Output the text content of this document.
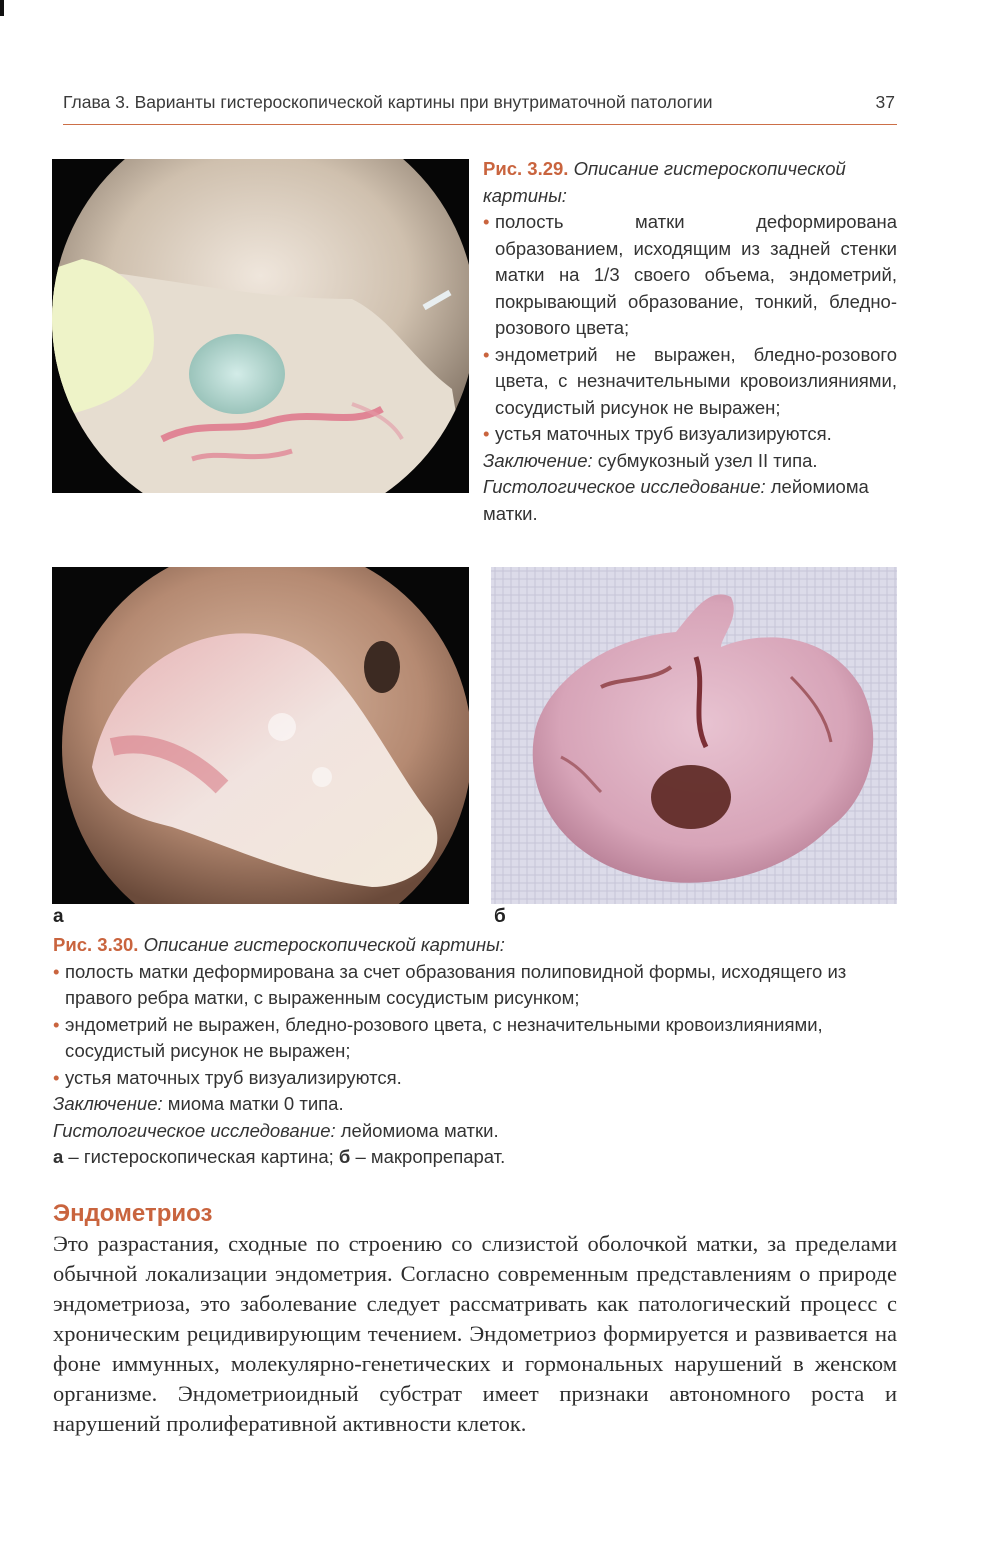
Глава 3. Варианты гистероскопической картины при внутриматочной патологии	37

Рис. 3.29. Описание гистероскопической картины:

• полость матки деформирована образованием, исходящим из задней стенки матки на 1/3 своего объема, эндометрий, покрывающий образование, тонкий, бледно-розового цвета;

• эндометрий не выражен, бледно-розового цвета, с незначительными кровоизлияниями, сосудистый рисунок не выражен;

• устья маточных труб визуализируются.

Заключение: субмукозный узел II типа.

Гистологическое исследование: лейомиома матки.

а	б

Рис. 3.30. Описание гистероскопической картины:

• полость матки деформирована за счет образования полиповидной формы, исходящего из правого ребра матки, с выраженным сосудистым рисунком;

• эндометрий не выражен, бледно-розового цвета, с незначительными кровоизлияниями, сосудистый рисунок не выражен;

• устья маточных труб визуализируются.

Заключение: миома матки 0 типа.

Гистологическое исследование: лейомиома матки.

а – гистероскопическая картина; б – макропрепарат.

Эндометриоз

Это разрастания, сходные по строению со слизистой оболочкой матки, за пределами обычной локализации эндометрия. Согласно современным представлениям о природе эндометриоза, это заболевание следует рассматривать как патологический процесс с хроническим рецидивирующим течением. Эндометриоз формируется и развивается на фоне иммунных, молекулярно-генетических и гормональных нарушений в женском организме. Эндометриоидный субстрат имеет признаки автономного роста и нарушений пролиферативной активности клеток.
